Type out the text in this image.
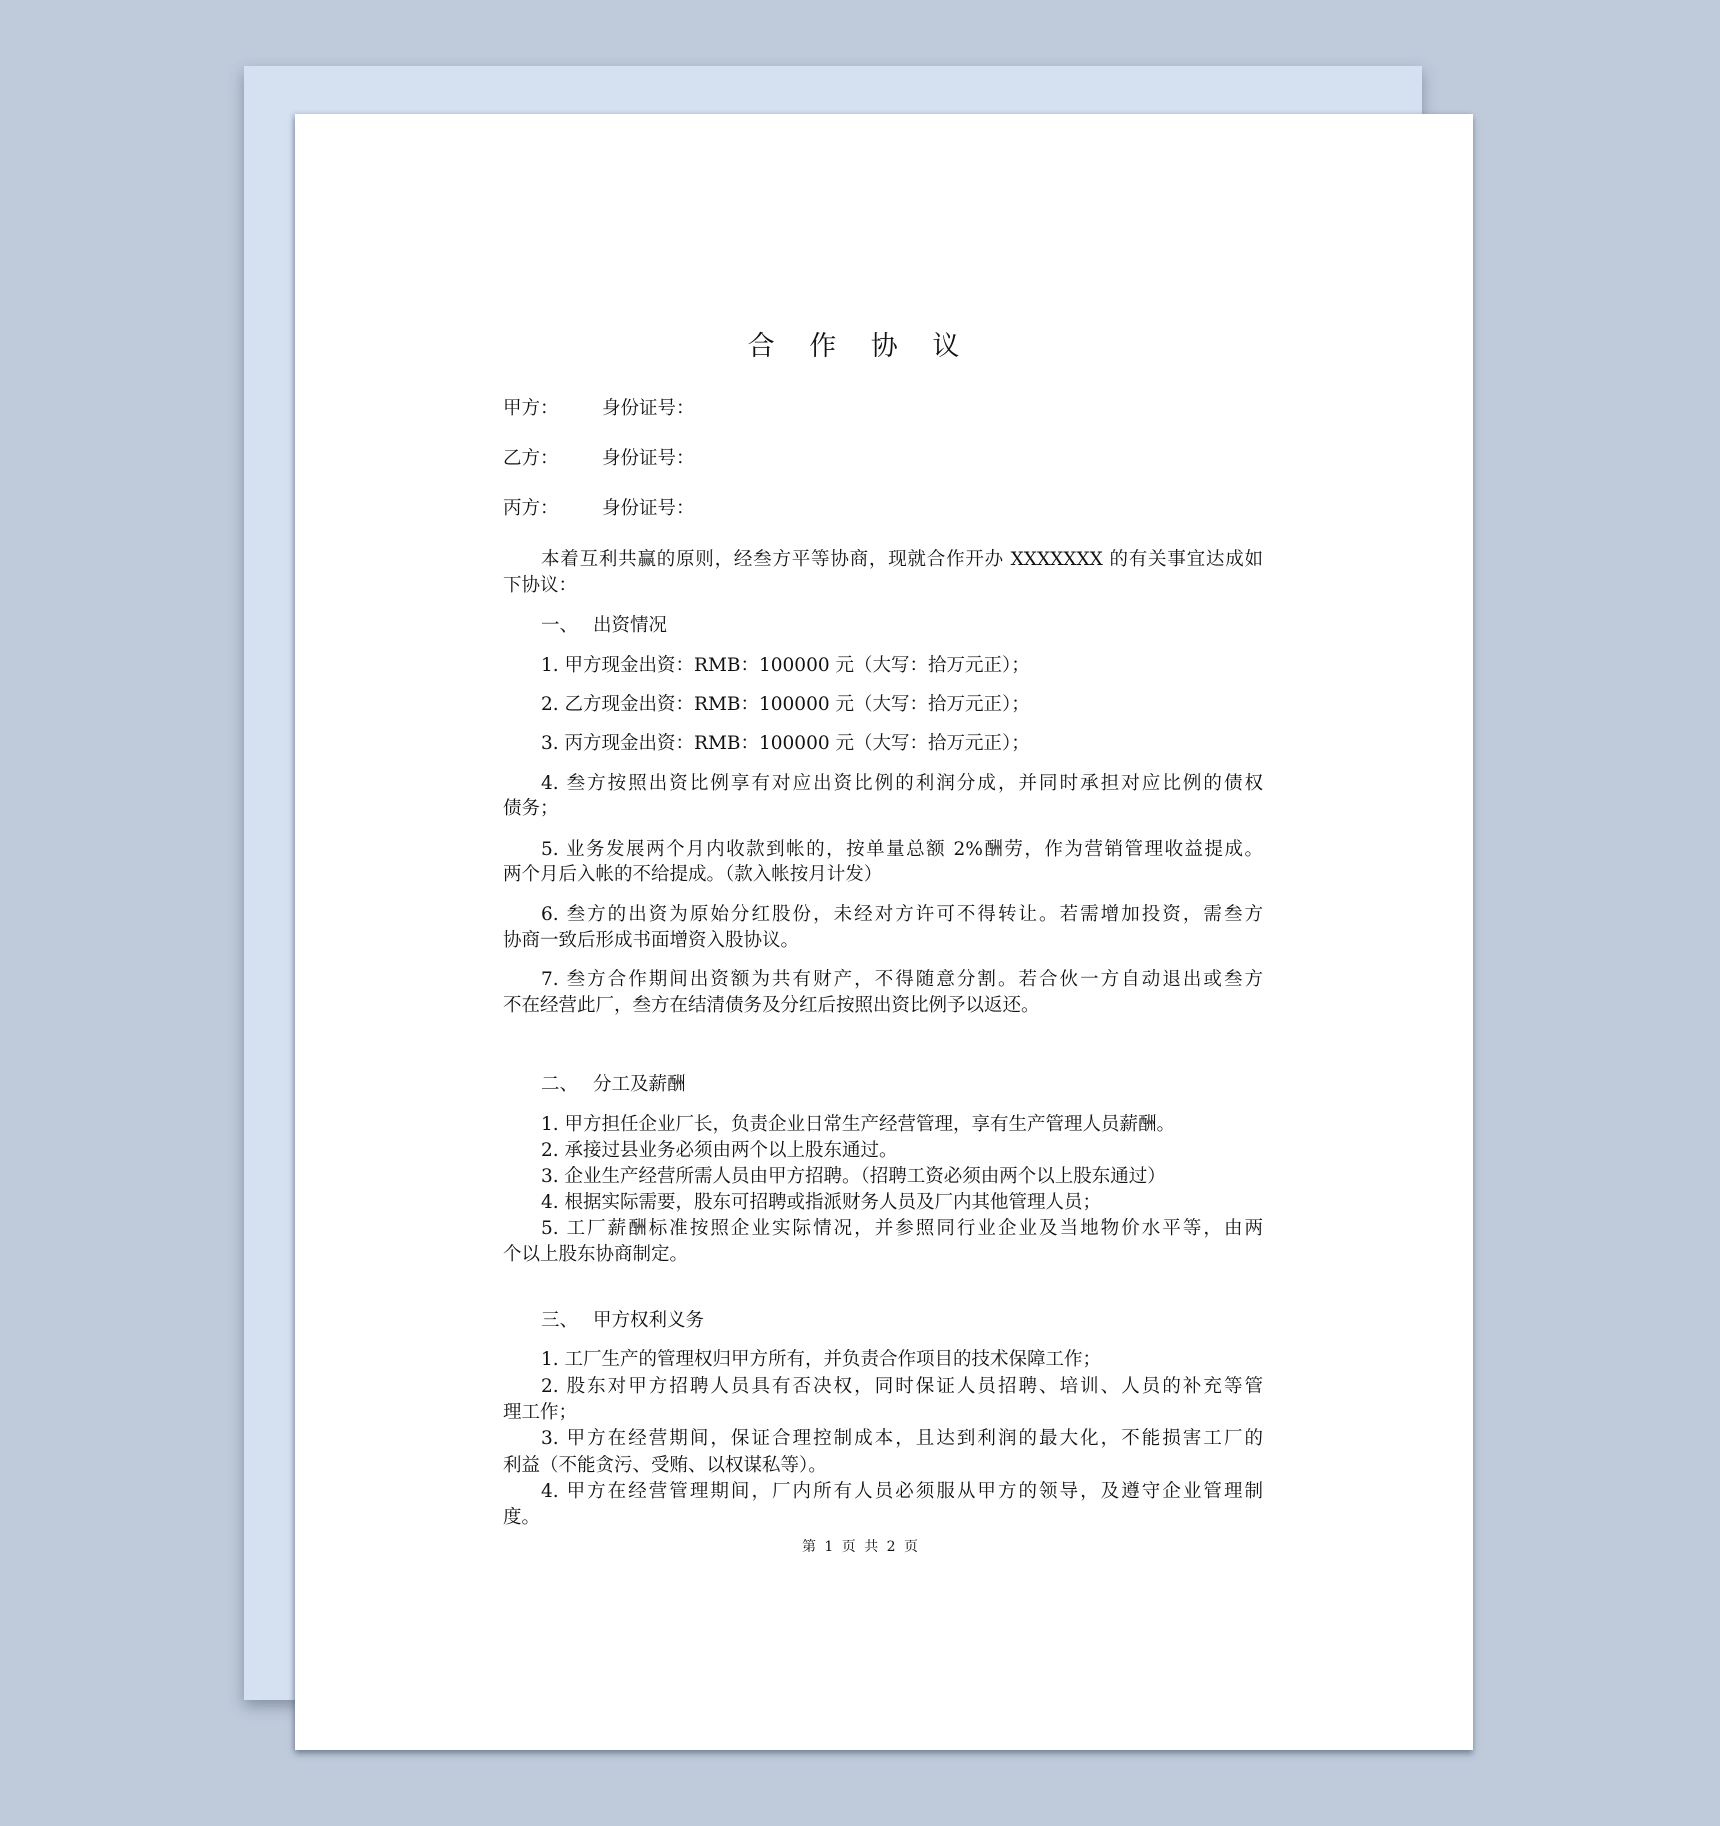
合 作 协 议
甲方： 身份证号：
乙方： 身份证号：
丙方： 身份证号：
本着互利共赢的原则，经叁方平等协商，现就合作开办 XXXXXXX 的有关事宜达成如
下协议：
一、 出资情况
1. 甲方现金出资：RMB：100000 元（大写：拾万元正）；
2. 乙方现金出资：RMB：100000 元（大写：拾万元正）；
3. 丙方现金出资：RMB：100000 元（大写：拾万元正）；
4. 叁方按照出资比例享有对应出资比例的利润分成，并同时承担对应比例的债权
债务；
5. 业务发展两个月内收款到帐的，按单量总额 2%酬劳，作为营销管理收益提成。
两个月后入帐的不给提成。（款入帐按月计发）
6. 叁方的出资为原始分红股份，未经对方许可不得转让。若需增加投资，需叁方
协商一致后形成书面增资入股协议。
7. 叁方合作期间出资额为共有财产，不得随意分割。若合伙一方自动退出或叁方
不在经营此厂，叁方在结清债务及分红后按照出资比例予以返还。
二、 分工及薪酬
1. 甲方担任企业厂长，负责企业日常生产经营管理，享有生产管理人员薪酬。
2. 承接过县业务必须由两个以上股东通过。
3. 企业生产经营所需人员由甲方招聘。（招聘工资必须由两个以上股东通过）
4. 根据实际需要，股东可招聘或指派财务人员及厂内其他管理人员；
5. 工厂薪酬标准按照企业实际情况，并参照同行业企业及当地物价水平等，由两
个以上股东协商制定。
三、 甲方权利义务
1. 工厂生产的管理权归甲方所有，并负责合作项目的技术保障工作；
2. 股东对甲方招聘人员具有否决权，同时保证人员招聘、培训、人员的补充等管
理工作；
3. 甲方在经营期间，保证合理控制成本，且达到利润的最大化，不能损害工厂的
利益（不能贪污、受贿、以权谋私等）。
4. 甲方在经营管理期间，厂内所有人员必须服从甲方的领导，及遵守企业管理制
度。
第 1 页 共 2 页
